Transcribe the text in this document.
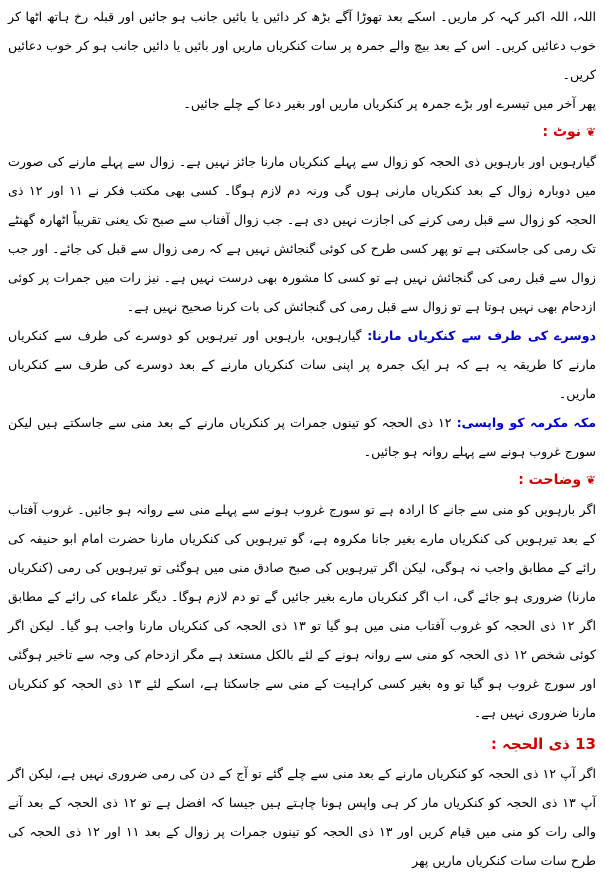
اللہ، اللہ اکبر کہہ کر ماریں۔ اسکے بعد تھوڑا آگے بڑھ کر دائیں یا بائیں جانب ہو جائیں اور قبلہ رخ ہاتھ اٹھا کر خوب دعائیں کریں۔ اس کے بعد بیچ والے جمرہ پر سات کنکریاں ماریں اور بائیں یا دائیں جانب ہو کر خوب دعائیں کریں۔

پھر آخر میں تیسرے اور بڑے جمرہ پر کنکریاں ماریں اور بغیر دعا کے چلے جائیں۔

❦ نوٹ :

گیارہویں اور بارہویں ذی الحجہ کو زوال سے پہلے کنکریاں مارنا جائز نہیں ہے۔ زوال سے پہلے مارنے کی صورت میں دوبارہ زوال کے بعد کنکریاں مارنی ہوں گی ورنہ دم لازم ہوگا۔ کسی بھی مکتب فکر نے ۱۱ اور ۱۲ ذی الحجہ کو زوال سے قبل رمی کرنے کی اجازت نہیں دی ہے۔ جب زوال آفتاب سے صبح تک یعنی تقریباً اٹھارہ گھنٹے تک رمی کی جاسکتی ہے تو پھر کسی طرح کی کوئی گنجائش نہیں ہے کہ رمی زوال سے قبل کی جائے۔ اور جب زوال سے قبل رمی کی گنجائش نہیں ہے تو کسی کا مشورہ بھی درست نہیں ہے۔ نیز رات میں جمرات پر کوئی ازدحام بھی نہیں ہوتا ہے تو زوال سے قبل رمی کی گنجائش کی بات کرنا صحیح نہیں ہے۔

دوسرے کی طرف سے کنکریاں مارنا: گیارہویں، بارہویں اور تیرہویں کو دوسرے کی طرف سے کنکریاں مارنے کا طریقہ یہ ہے کہ ہر ایک جمرہ پر اپنی سات کنکریاں مارنے کے بعد دوسرے کی طرف سے کنکریاں ماریں۔

مکہ مکرمہ کو واپسی: ۱۲ ذی الحجہ کو تینوں جمرات پر کنکریاں مارنے کے بعد منی سے جاسکتے ہیں لیکن سورج غروب ہونے سے پہلے روانہ ہو جائیں۔

❦ وضاحت :

اگر بارہویں کو منی سے جانے کا ارادہ ہے تو سورج غروب ہونے سے پہلے منی سے روانہ ہو جائیں۔ غروب آفتاب کے بعد تیرہویں کی کنکریاں مارے بغیر جانا مکروہ ہے، گو تیرہویں کی کنکریاں مارنا حضرت امام ابو حنیفہ کی رائے کے مطابق واجب نہ ہوگی، لیکن اگر تیرہویں کی صبح صادق منی میں ہوگئی تو تیرہویں کی رمی (کنکریاں مارنا) ضروری ہو جائے گی، اب اگر کنکریاں مارے بغیر جائیں گے تو دم لازم ہوگا۔ دیگر علماء کی رائے کے مطابق اگر ۱۲ ذی الحجہ کو غروب آفتاب منی میں ہو گیا تو ۱۳ ذی الحجہ کی کنکریاں مارنا واجب ہو گیا۔ لیکن اگر کوئی شخص ۱۲ ذی الحجہ کو منی سے روانہ ہونے کے لئے بالکل مستعد ہے مگر ازدحام کی وجہ سے تاخیر ہوگئی اور سورج غروب ہو گیا تو وہ بغیر کسی کراہیت کے منی سے جاسکتا ہے، اسکے لئے ۱۳ ذی الحجہ کو کنکریاں مارنا ضروری نہیں ہے۔

13 ذی الحجہ :

اگر آپ ۱۲ ذی الحجہ کو کنکریاں مارنے کے بعد منی سے چلے گئے تو آج کے دن کی رمی ضروری نہیں ہے، لیکن اگر آپ ۱۳ ذی الحجہ کو کنکریاں مار کر ہی واپس ہونا چاہتے ہیں جیسا کہ افضل ہے تو ۱۲ ذی الحجہ کے بعد آنے والی رات کو منی میں قیام کریں اور ۱۳ ذی الحجہ کو تینوں جمرات پر زوال کے بعد ۱۱ اور ۱۲ ذی الحجہ کی طرح سات سات کنکریاں ماریں پھر
